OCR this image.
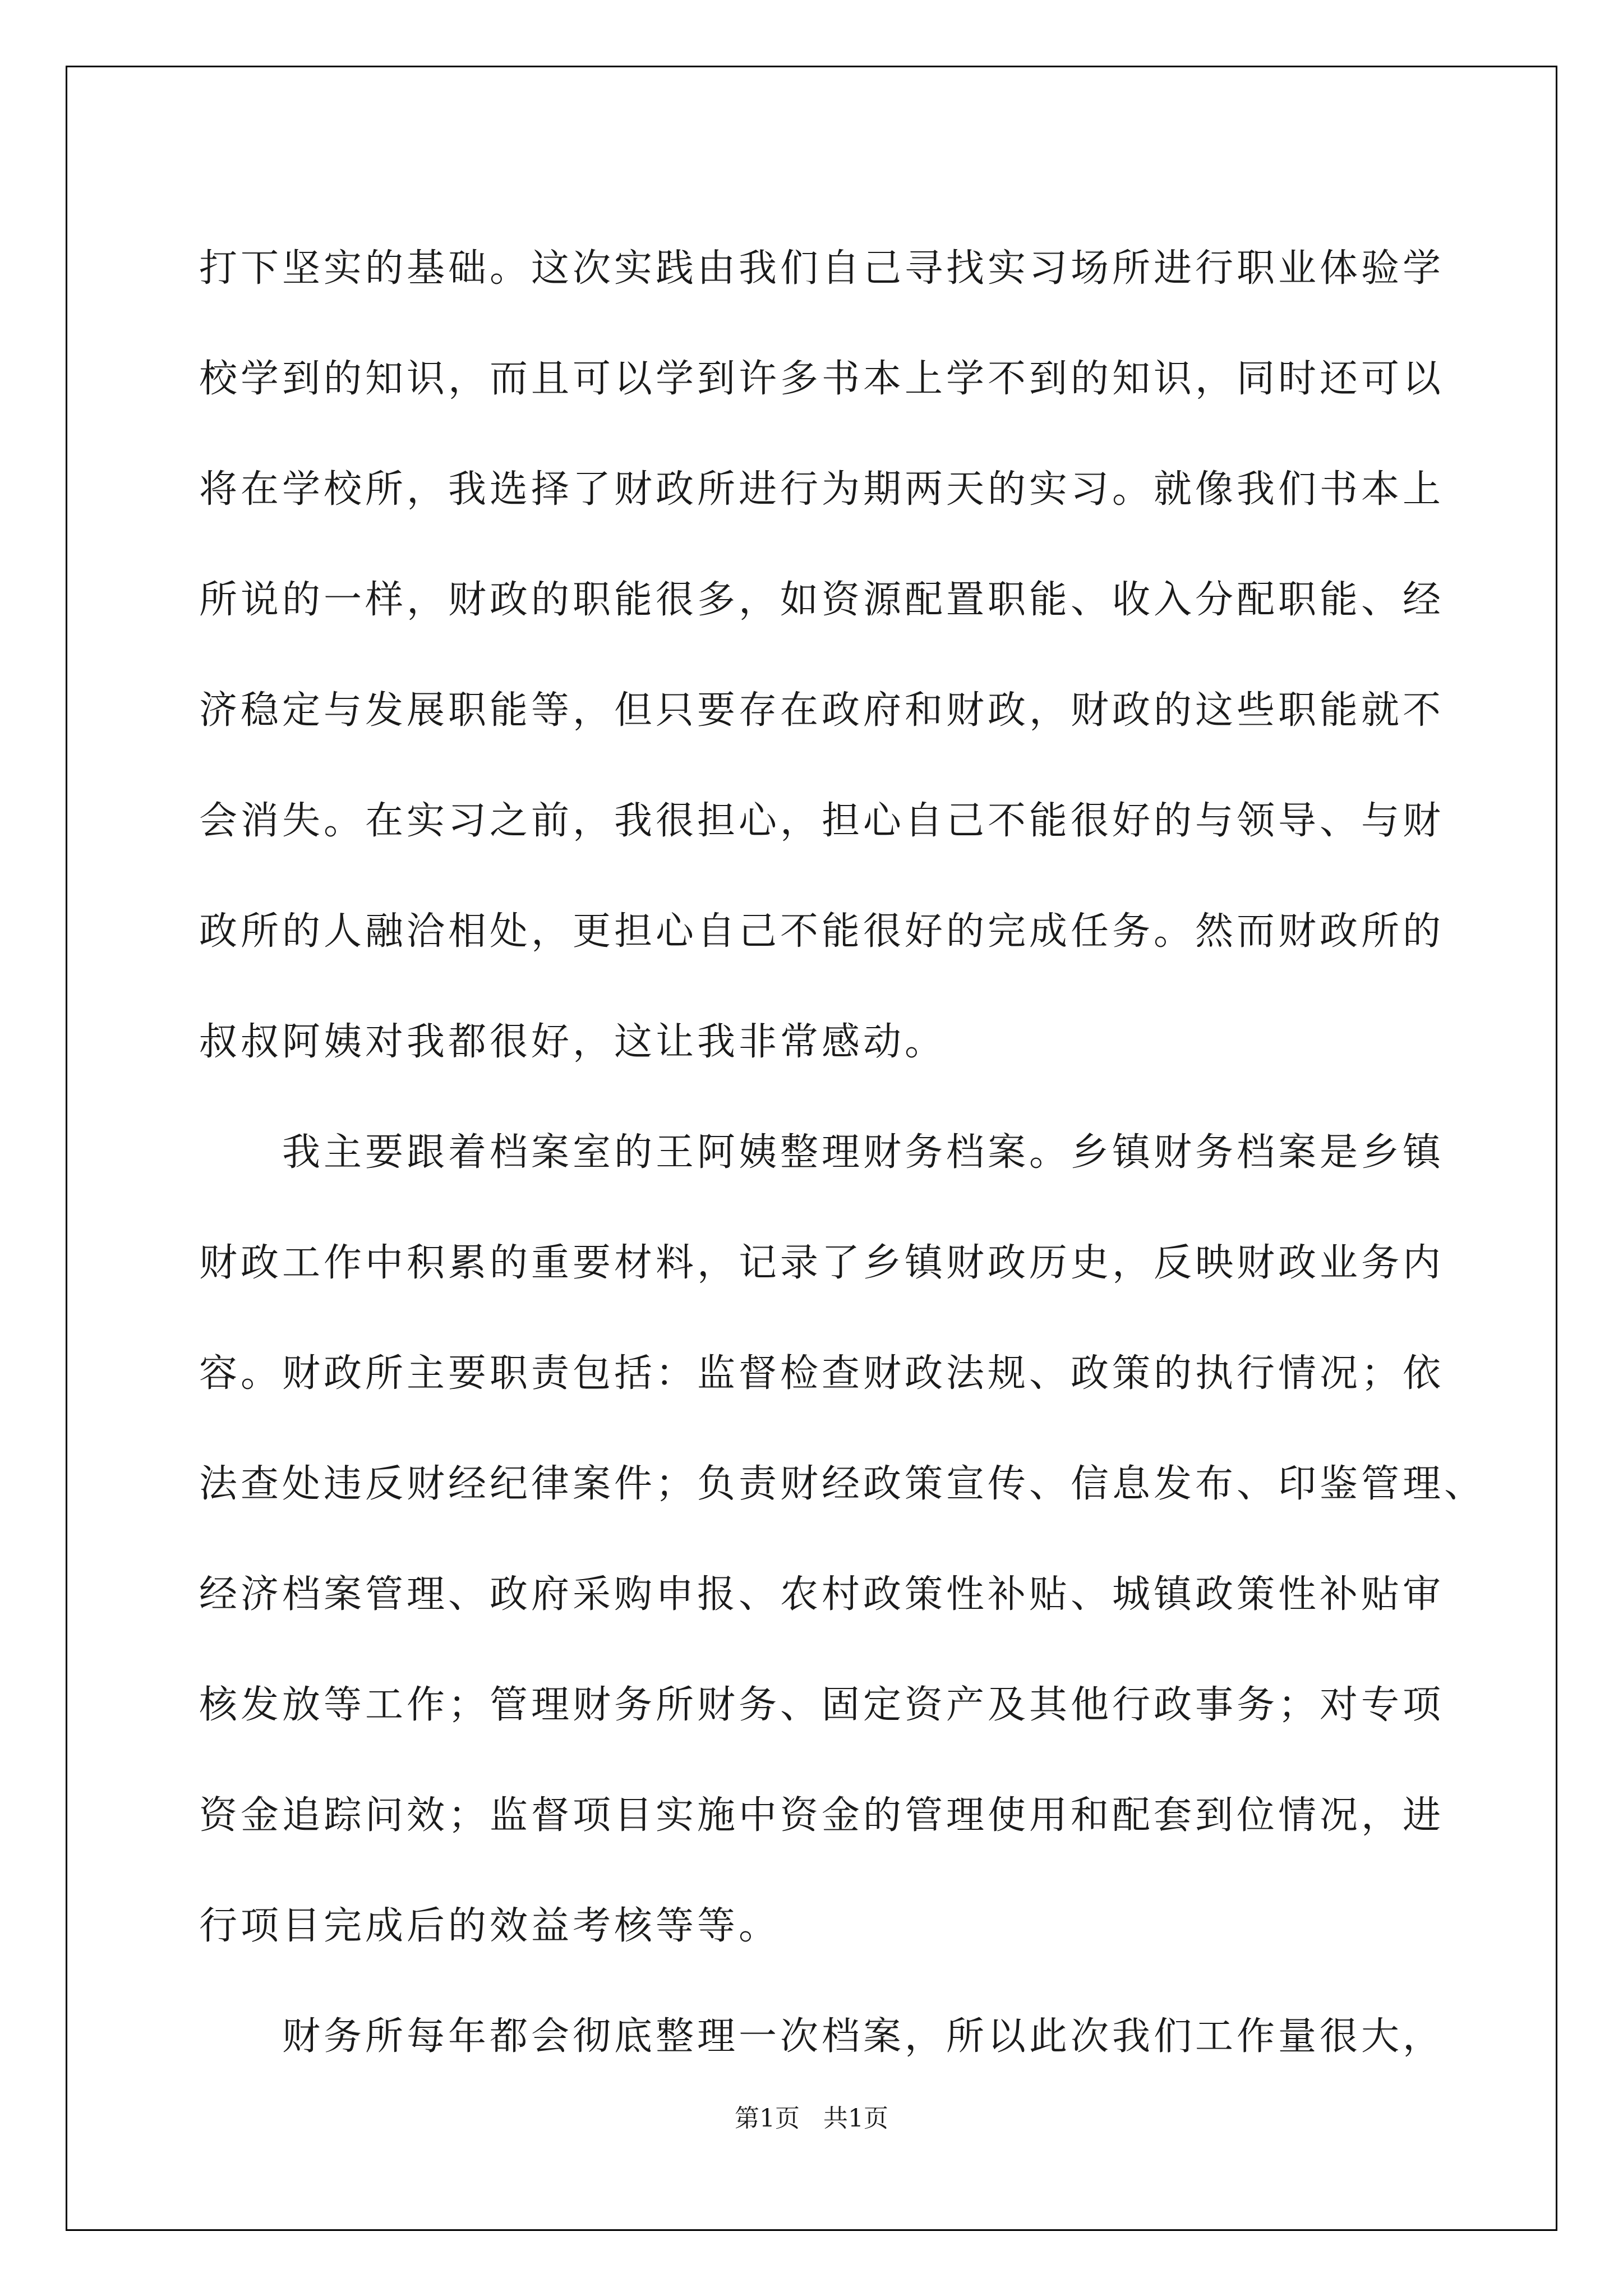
打下坚实的基础。这次实践由我们自己寻找实习场所进行职业体验学
校学到的知识，而且可以学到许多书本上学不到的知识，同时还可以
将在学校所，我选择了财政所进行为期两天的实习。就像我们书本上
所说的一样，财政的职能很多，如资源配置职能、收入分配职能、经
济稳定与发展职能等，但只要存在政府和财政，财政的这些职能就不
会消失。在实习之前，我很担心，担心自己不能很好的与领导、与财
政所的人融洽相处，更担心自己不能很好的完成任务。然而财政所的
叔叔阿姨对我都很好，这让我非常感动。
我主要跟着档案室的王阿姨整理财务档案。乡镇财务档案是乡镇
财政工作中积累的重要材料，记录了乡镇财政历史，反映财政业务内
容。财政所主要职责包括：监督检查财政法规、政策的执行情况；依
法查处违反财经纪律案件；负责财经政策宣传、信息发布、印鉴管理、
经济档案管理、政府采购申报、农村政策性补贴、城镇政策性补贴审
核发放等工作；管理财务所财务、固定资产及其他行政事务；对专项
资金追踪问效；监督项目实施中资金的管理使用和配套到位情况，进
行项目完成后的效益考核等等。
财务所每年都会彻底整理一次档案，所以此次我们工作量很大，
第1页   共1页
